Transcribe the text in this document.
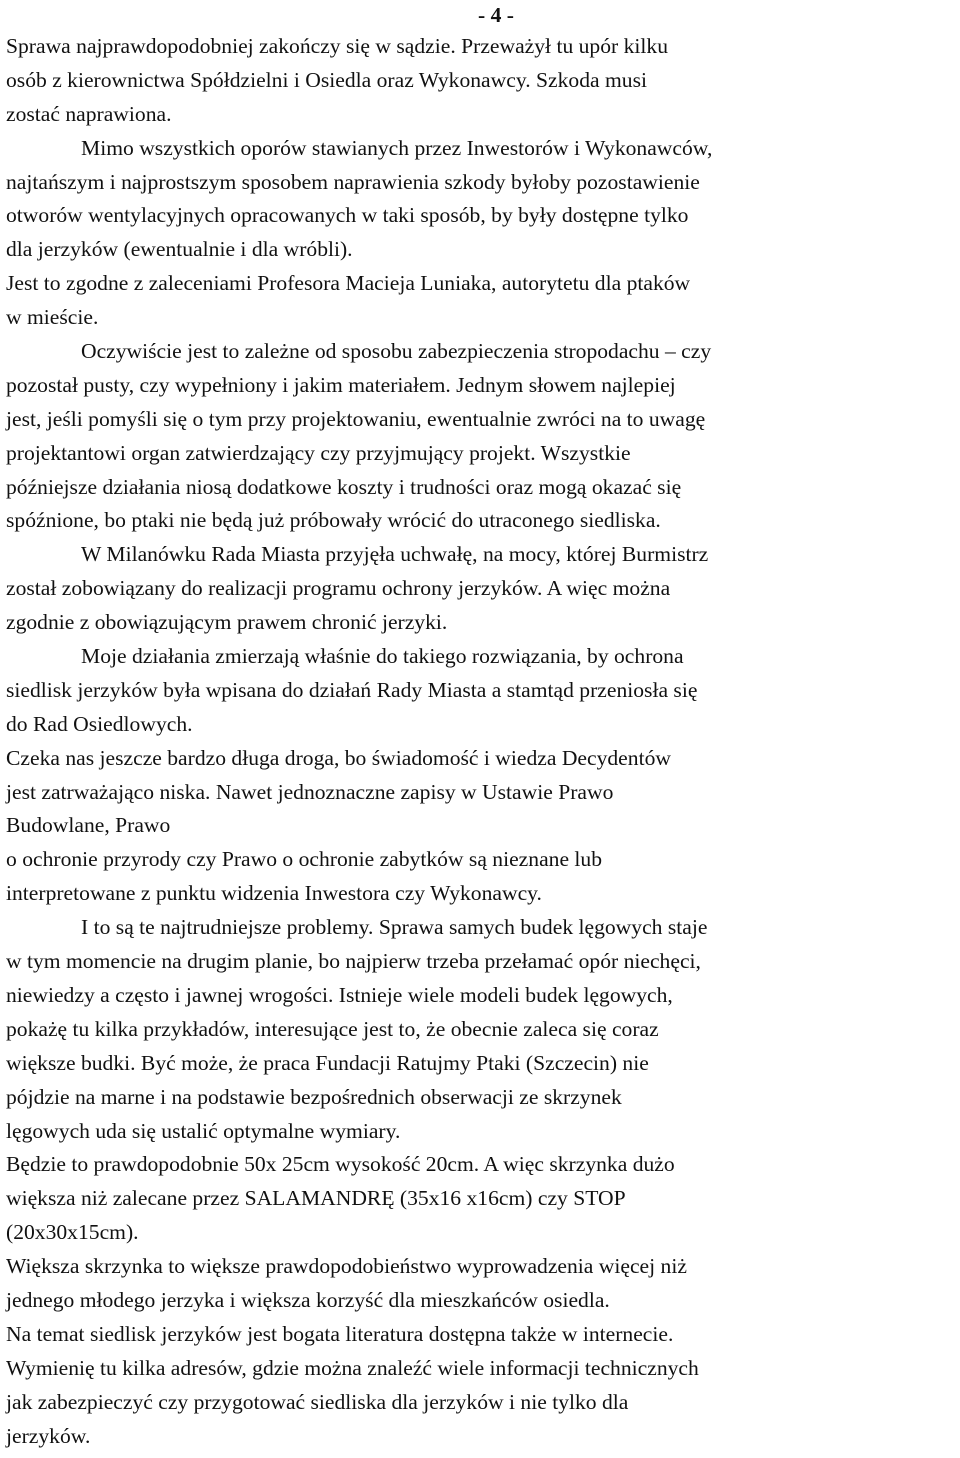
- 4 -
Sprawa najprawdopodobniej zakończy się w sądzie. Przeważył tu upór kilku
osób z kierownictwa Spółdzielni i Osiedla oraz Wykonawcy. Szkoda musi
zostać naprawiona.
Mimo wszystkich oporów stawianych przez Inwestorów i Wykonawców,
najtańszym i najprostszym sposobem naprawienia szkody byłoby pozostawienie
otworów wentylacyjnych opracowanych w taki sposób, by były dostępne tylko
dla jerzyków (ewentualnie i dla wróbli).
Jest to zgodne z zaleceniami Profesora Macieja Luniaka, autorytetu dla ptaków
w mieście.
Oczywiście jest to zależne od sposobu zabezpieczenia stropodachu – czy
pozostał pusty, czy wypełniony i jakim materiałem. Jednym słowem najlepiej
jest, jeśli pomyśli się o tym przy projektowaniu, ewentualnie zwróci na to uwagę
projektantowi organ zatwierdzający czy przyjmujący projekt. Wszystkie
późniejsze działania niosą dodatkowe koszty i trudności oraz mogą okazać się
spóźnione, bo ptaki nie będą już próbowały wrócić do utraconego siedliska.
W Milanówku Rada Miasta przyjęła uchwałę, na mocy, której Burmistrz
został zobowiązany do realizacji programu ochrony jerzyków. A więc można
zgodnie z obowiązującym prawem chronić jerzyki.
Moje działania zmierzają właśnie do takiego rozwiązania, by ochrona
siedlisk jerzyków była wpisana do działań Rady Miasta a stamtąd przeniosła się
do Rad Osiedlowych.
Czeka nas jeszcze bardzo długa droga, bo świadomość i wiedza Decydentów
jest zatrważająco niska. Nawet jednoznaczne zapisy w Ustawie Prawo
Budowlane, Prawo
o ochronie przyrody czy Prawo o ochronie zabytków są nieznane lub
interpretowane z punktu widzenia Inwestora czy Wykonawcy.
I to są te najtrudniejsze problemy. Sprawa samych budek lęgowych staje
w tym momencie na drugim planie, bo najpierw trzeba przełamać opór niechęci,
niewiedzy a często i jawnej wrogości. Istnieje wiele modeli budek lęgowych,
pokażę tu kilka przykładów, interesujące jest to, że obecnie zaleca się coraz
większe budki. Być może, że praca Fundacji Ratujmy Ptaki (Szczecin) nie
pójdzie na marne i na podstawie bezpośrednich obserwacji ze skrzynek
lęgowych uda się ustalić optymalne wymiary.
Będzie to prawdopodobnie 50x 25cm wysokość 20cm. A więc skrzynka dużo
większa niż zalecane przez SALAMANDRĘ (35x16 x16cm) czy STOP
(20x30x15cm).
Większa skrzynka to większe prawdopodobieństwo wyprowadzenia więcej niż
jednego młodego jerzyka i większa korzyść dla mieszkańców osiedla.
Na temat siedlisk jerzyków jest bogata literatura dostępna także w internecie.
Wymienię tu kilka adresów, gdzie można znaleźć wiele informacji technicznych
jak zabezpieczyć czy przygotować siedliska dla jerzyków i nie tylko dla
jerzyków.
